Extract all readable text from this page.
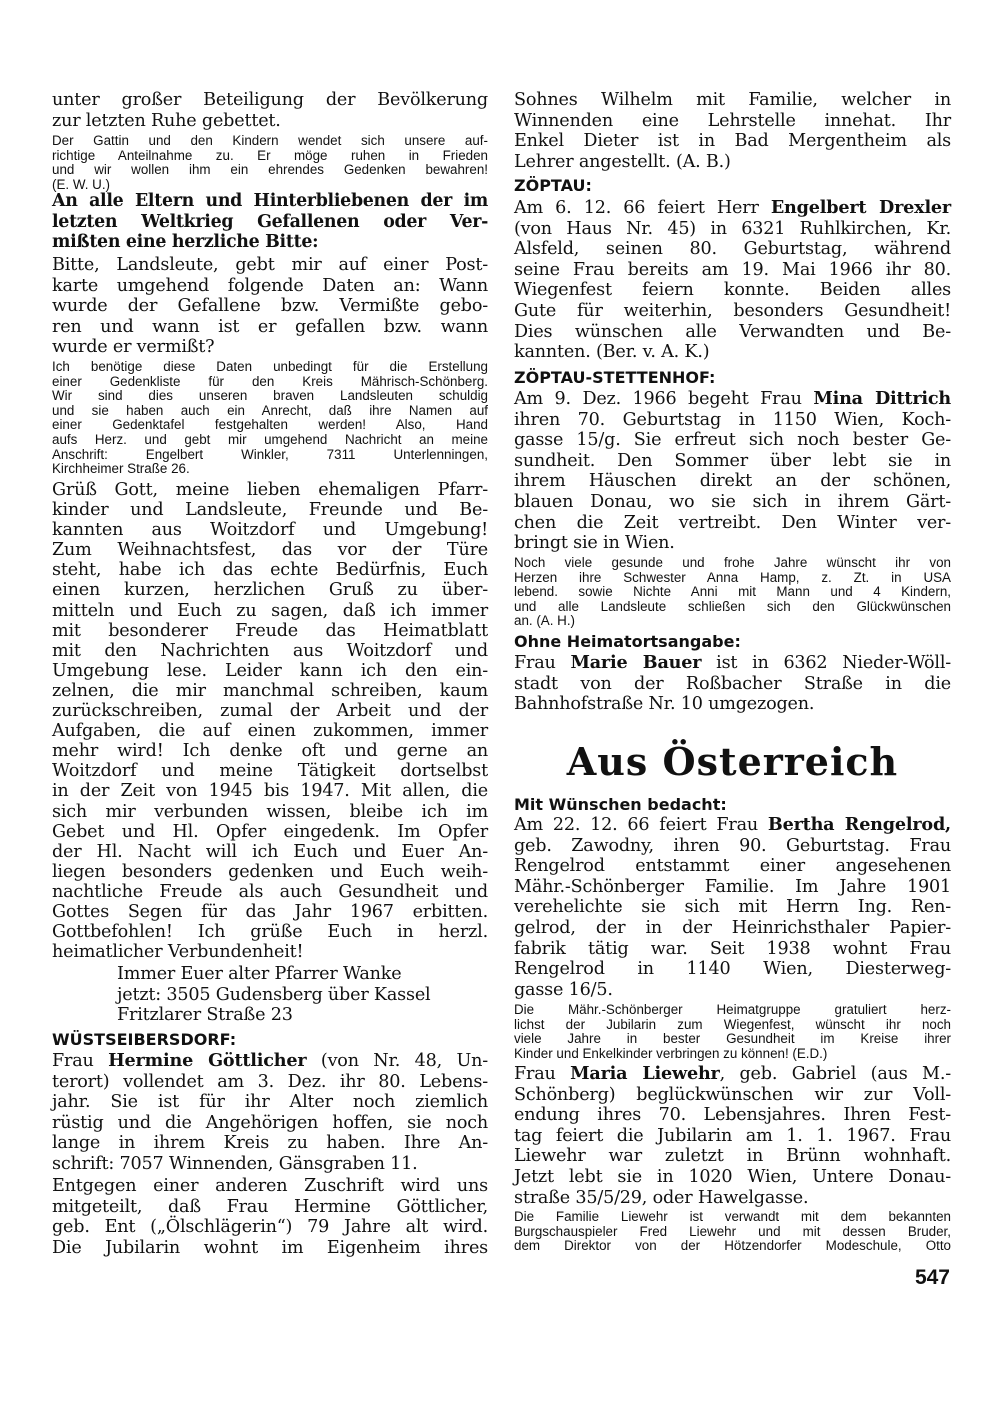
unter großer Beteiligung der Bevölkerung
zur letzten Ruhe gebettet.
Der Gattin und den Kindern wendet sich unsere auf-
richtige Anteilnahme zu. Er möge ruhen in Frieden
und wir wollen ihm ein ehrendes Gedenken bewahren!
(E. W. U.)
An alle Eltern und Hinterbliebenen der im
letzten Weltkrieg Gefallenen oder Ver-
mißten eine herzliche Bitte:
Bitte, Landsleute, gebt mir auf einer Post-
karte umgehend folgende Daten an: Wann
wurde der Gefallene bzw. Vermißte gebo-
ren und wann ist er gefallen bzw. wann
wurde er vermißt?
Ich benötige diese Daten unbedingt für die Erstellung
einer Gedenkliste für den Kreis Mährisch-Schönberg.
Wir sind dies unseren braven Landsleuten schuldig
und sie haben auch ein Anrecht, daß ihre Namen auf
einer Gedenktafel festgehalten werden! Also, Hand
aufs Herz. und gebt mir umgehend Nachricht an meine
Anschrift: Engelbert Winkler, 7311 Unterlenningen,
Kirchheimer Straße 26.
Grüß Gott, meine lieben ehemaligen Pfarr-
kinder und Landsleute, Freunde und Be-
kannten aus Woitzdorf und Umgebung!
Zum Weihnachtsfest, das vor der Türe
steht, habe ich das echte Bedürfnis, Euch
einen kurzen, herzlichen Gruß zu über-
mitteln und Euch zu sagen, daß ich immer
mit besonderer Freude das Heimatblatt
mit den Nachrichten aus Woitzdorf und
Umgebung lese. Leider kann ich den ein-
zelnen, die mir manchmal schreiben, kaum
zurückschreiben, zumal der Arbeit und der
Aufgaben, die auf einen zukommen, immer
mehr wird! Ich denke oft und gerne an
Woitzdorf und meine Tätigkeit dortselbst
in der Zeit von 1945 bis 1947. Mit allen, die
sich mir verbunden wissen, bleibe ich im
Gebet und Hl. Opfer eingedenk. Im Opfer
der Hl. Nacht will ich Euch und Euer An-
liegen besonders gedenken und Euch weih-
nachtliche Freude als auch Gesundheit und
Gottes Segen für das Jahr 1967 erbitten.
Gottbefohlen! Ich grüße Euch in herzl.
heimatlicher Verbundenheit!
Immer Euer alter Pfarrer Wanke
jetzt: 3505 Gudensberg über Kassel
Fritzlarer Straße 23
WÜSTSEIBERSDORF:
Frau Hermine Göttlicher (von Nr. 48, Un-
terort) vollendet am 3. Dez. ihr 80. Lebens-
jahr. Sie ist für ihr Alter noch ziemlich
rüstig und die Angehörigen hoffen, sie noch
lange in ihrem Kreis zu haben. Ihre An-
schrift: 7057 Winnenden, Gänsgraben 11.
Entgegen einer anderen Zuschrift wird uns
mitgeteilt, daß Frau Hermine Göttlicher,
geb. Ent („Ölschlägerin“) 79 Jahre alt wird.
Die Jubilarin wohnt im Eigenheim ihres
Sohnes Wilhelm mit Familie, welcher in
Winnenden eine Lehrstelle innehat. Ihr
Enkel Dieter ist in Bad Mergentheim als
Lehrer angestellt. (A. B.)
ZÖPTAU:
Am 6. 12. 66 feiert Herr Engelbert Drexler
(von Haus Nr. 45) in 6321 Ruhlkirchen, Kr.
Alsfeld, seinen 80. Geburtstag, während
seine Frau bereits am 19. Mai 1966 ihr 80.
Wiegenfest feiern konnte. Beiden alles
Gute für weiterhin, besonders Gesundheit!
Dies wünschen alle Verwandten und Be-
kannten. (Ber. v. A. K.)
ZÖPTAU-STETTENHOF:
Am 9. Dez. 1966 begeht Frau Mina Dittrich
ihren 70. Geburtstag in 1150 Wien, Koch-
gasse 15/g. Sie erfreut sich noch bester Ge-
sundheit. Den Sommer über lebt sie in
ihrem Häuschen direkt an der schönen,
blauen Donau, wo sie sich in ihrem Gärt-
chen die Zeit vertreibt. Den Winter ver-
bringt sie in Wien.
Noch viele gesunde und frohe Jahre wünscht ihr von
Herzen ihre Schwester Anna Hamp, z. Zt. in USA
lebend. sowie Nichte Anni mit Mann und 4 Kindern,
und alle Landsleute schließen sich den Glückwünschen
an. (A. H.)
Ohne Heimatortsangabe:
Frau Marie Bauer ist in 6362 Nieder-Wöll-
stadt von der Roßbacher Straße in die
Bahnhofstraße Nr. 10 umgezogen.
Aus Österreich
Mit Wünschen bedacht:
Am 22. 12. 66 feiert Frau Bertha Rengelrod,
geb. Zawodny, ihren 90. Geburtstag. Frau
Rengelrod entstammt einer angesehenen
Mähr.-Schönberger Familie. Im Jahre 1901
verehelichte sie sich mit Herrn Ing. Ren-
gelrod, der in der Heinrichsthaler Papier-
fabrik tätig war. Seit 1938 wohnt Frau
Rengelrod in 1140 Wien, Diesterweg-
gasse 16/5.
Die Mähr.-Schönberger Heimatgruppe gratuliert herz-
lichst der Jubilarin zum Wiegenfest, wünscht ihr noch
viele Jahre in bester Gesundheit im Kreise ihrer
Kinder und Enkelkinder verbringen zu können! (E.D.)
Frau Maria Liewehr, geb. Gabriel (aus M.-
Schönberg) beglückwünschen wir zur Voll-
endung ihres 70. Lebensjahres. Ihren Fest-
tag feiert die Jubilarin am 1. 1. 1967. Frau
Liewehr war zuletzt in Brünn wohnhaft.
Jetzt lebt sie in 1020 Wien, Untere Donau-
straße 35/5/29, oder Hawelgasse.
Die Familie Liewehr ist verwandt mit dem bekannten
Burgschauspieler Fred Liewehr und mit dessen Bruder,
dem Direktor von der Hötzendorfer Modeschule, Otto
547
